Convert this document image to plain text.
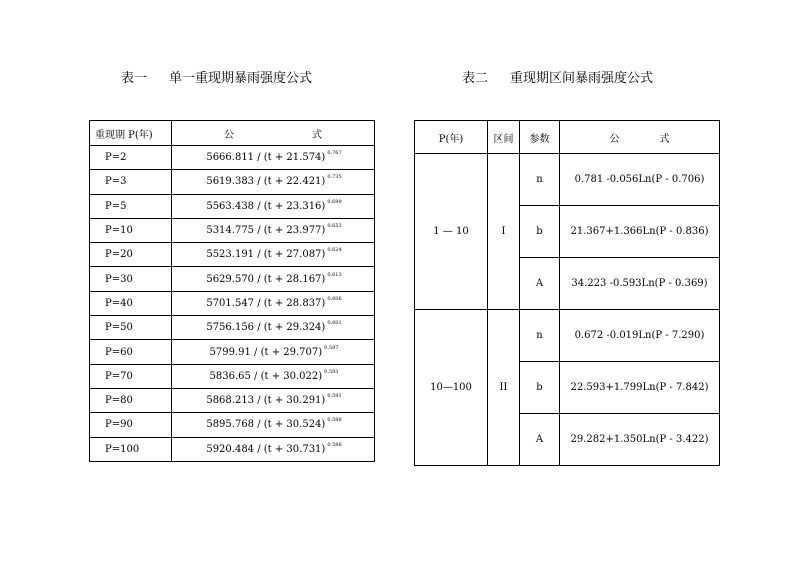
表一 单一重现期暴雨强度公式	表二 重现期区间暴雨强度公式
重现期 P(年)	公 式
P=2	5666.811 / (t + 21.574) $^{0.767}$
P=3	5619.383 / (t + 22.421) $^{0.735}$
P=5	5563.438 / (t + 23.316) $^{0.699}$
P=10	5314.775 / (t + 23.977) $^{0.653}$
P=20	5523.191 / (t + 27.087) $^{0.624}$
P=30	5629.570 / (t + 28.167) $^{0.613}$
P=40	5701.547 / (t + 28.837) $^{0.606}$
P=50	5756.156 / (t + 29.324) $^{0.601}$
P=60	5799.91 / (t + 29.707) $^{0.597}$
P=70	5836.65 / (t + 30.022) $^{0.593}$
P=80	5868.213 / (t + 30.291) $^{0.591}$
P=90	5895.768 / (t + 30.524) $^{0.588}$
P=100	5920.484 / (t + 30.731) $^{0.586}$
P(年)	区间	参数	公 式
1 — 10	I	n	0.781 -0.056Ln(P - 0.706)
		b	21.367+1.366Ln(P - 0.836)
		A	34.223 -0.593Ln(P - 0.369)
10—100	II	n	0.672 -0.019Ln(P - 7.290)
		b	22.593+1.799Ln(P - 7.842)
		A	29.282+1.350Ln(P - 3.422)
